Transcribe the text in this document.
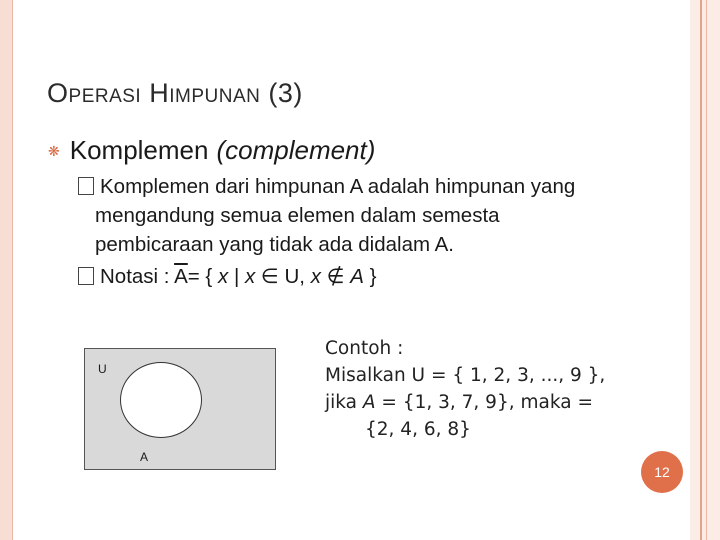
OPERASI HIMPUNAN (3)
❋ Komplemen (complement)
Komplemen dari himpunan A adalah himpunan yang
mengandung semua elemen dalam semesta
pembicaraan yang tidak ada didalam A.
Notasi : $\overline{A}=$ { x | x ∈ U, x ∉ A }
U
A
Contoh :
Misalkan U = { 1, 2, 3, ..., 9 },
jika A = {1, 3, 7, 9}, maka =
{2, 4, 6, 8}
12
